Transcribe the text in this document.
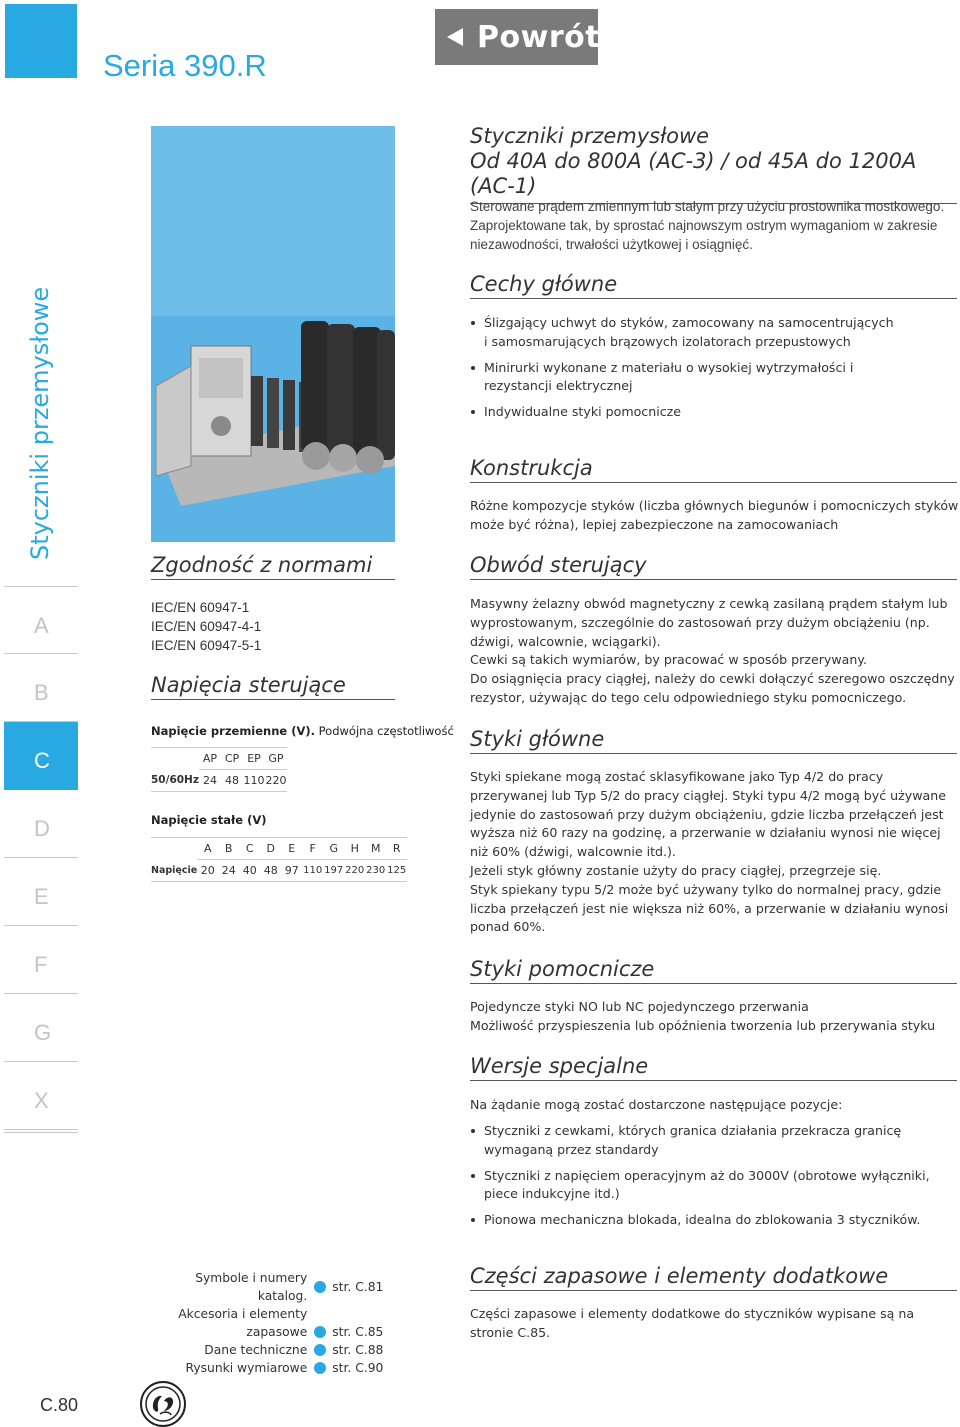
Seria 390.R
Powrót
Styczniki przemysłowe
A
B
C
D
E
F
G
X
Styczniki przemysłowe
Od 40A do 800A (AC-3) / od 45A do 1200A (AC-1)
Sterowane prądem zmiennym lub stałym przy użyciu prostownika mostkowego. Zaprojektowane tak, by sprostać najnowszym ostrym wymaganiom w zakresie niezawodności, trwałości użytkowej i osiągnięć.
Cechy główne
Ślizgający uchwyt do styków, zamocowany na samocentrujących i samosmarujących brązowych izolatorach przepustowych
Minirurki wykonane z materiału o wysokiej wytrzymałości i rezystancji elektrycznej
Indywidualne styki pomocnicze
Konstrukcja
Różne kompozycje styków (liczba głównych biegunów i pomocniczych styków może być różna), lepiej zabezpieczone na zamocowaniach
Obwód sterujący
Masywny żelazny obwód magnetyczny z cewką zasilaną prądem stałym lub wyprostowanym, szczególnie do zastosowań przy dużym obciążeniu (np. dźwigi, walcownie, wciągarki).
Cewki są takich wymiarów, by pracować w sposób przerywany.
Do osiągnięcia pracy ciągłej, należy do cewki dołączyć szeregowo oszczędny rezystor, używając do tego celu odpowiedniego styku pomocniczego.
Styki główne
Styki spiekane mogą zostać sklasyfikowane jako Typ 4/2 do pracy przerywanej lub Typ 5/2 do pracy ciągłej. Styki typu 4/2 mogą być używane jedynie do zastosowań przy dużym obciążeniu, gdzie liczba przełączeń jest wyższa niż 60 razy na godzinę, a przerwanie w działaniu wynosi nie więcej niż 60% (dźwigi, walcownie itd.).
Jeżeli styk główny zostanie użyty do pracy ciągłej, przegrzeje się.
Styk spiekany typu 5/2 może być używany tylko do normalnej pracy, gdzie liczba przełączeń jest nie większa niż 60%, a przerwanie w działaniu wynosi ponad 60%.
Styki pomocnicze
Pojedyncze styki NO lub NC pojedynczego przerwania
Możliwość przyspieszenia lub opóźnienia tworzenia lub przerywania styku
Wersje specjalne
Na żądanie mogą zostać dostarczone następujące pozycje:
Styczniki z cewkami, których granica działania przekracza granicę wymaganą przez standardy
Styczniki z napięciem operacyjnym aż do 3000V (obrotowe wyłączniki, piece indukcyjne itd.)
Pionowa mechaniczna blokada, idealna do zblokowania 3 styczników.
Części zapasowe i elementy dodatkowe
Części zapasowe i elementy dodatkowe do styczników wypisane są na stronie C.85.
Zgodność z normami
IEC/EN 60947-1
IEC/EN 60947-4-1
IEC/EN 60947-5-1
Napięcia sterujące
Napięcie przemienne (V). Podwójna częstotliwość
	AP	CP	EP	GP
50/60Hz	24	48	110	220
Napięcie stałe (V)
	A	B	C	D	E	F	G	H	M	R
Napięcie	20	24	40	48	97	110	197	220	230	125
Symbole i numery katalog.
str. C.81
Akcesoria i elementy
zapasowe str. C.85
Dane techniczne str. C.88
Rysunki wymiarowe str. C.90
C.80
